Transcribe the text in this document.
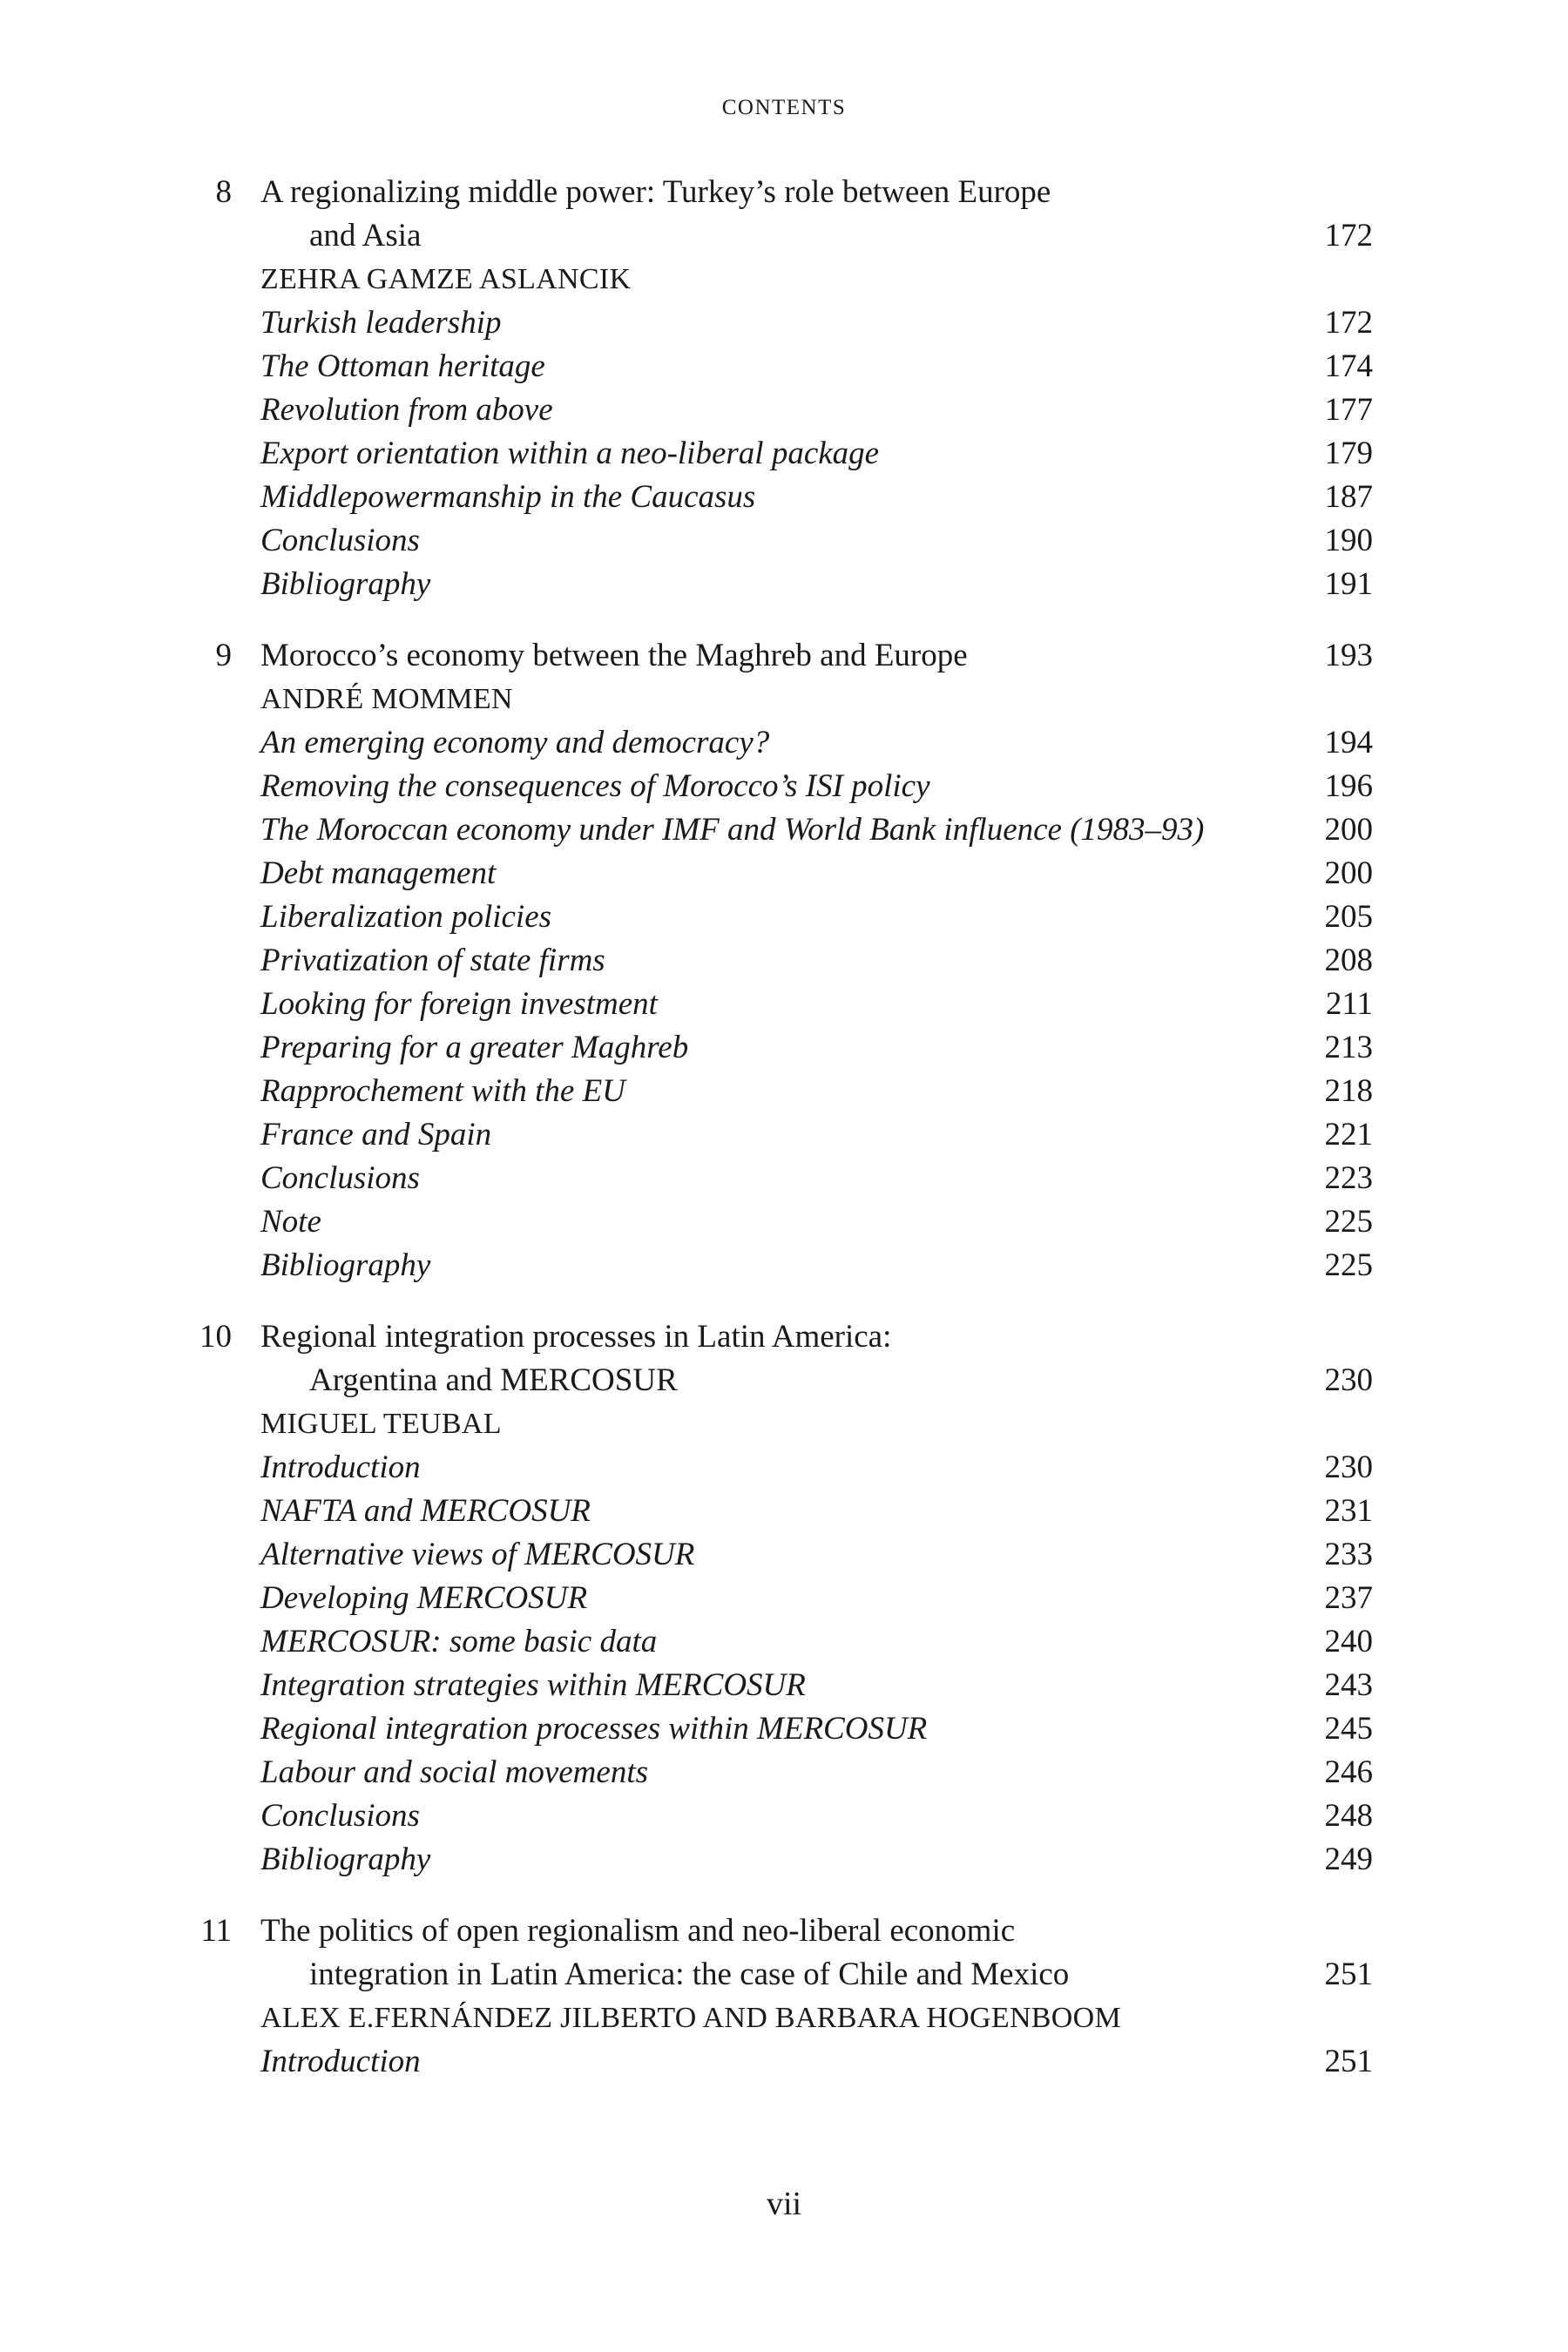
CONTENTS
8 A regionalizing middle power: Turkey’s role between Europe
and Asia	172
ZEHRA GAMZE ASLANCIK
Turkish leadership	172
The Ottoman heritage	174
Revolution from above	177
Export orientation within a neo-liberal package	179
Middlepowermanship in the Caucasus	187
Conclusions	190
Bibliography	191
9 Morocco’s economy between the Maghreb and Europe	193
ANDRÉ MOMMEN
An emerging economy and democracy?	194
Removing the consequences of Morocco’s ISI policy	196
The Moroccan economy under IMF and World Bank influence (1983–93)	200
Debt management	200
Liberalization policies	205
Privatization of state firms	208
Looking for foreign investment	211
Preparing for a greater Maghreb	213
Rapprochement with the EU	218
France and Spain	221
Conclusions	223
Note	225
Bibliography	225
10 Regional integration processes in Latin America:
Argentina and MERCOSUR	230
MIGUEL TEUBAL
Introduction	230
NAFTA and MERCOSUR	231
Alternative views of MERCOSUR	233
Developing MERCOSUR	237
MERCOSUR: some basic data	240
Integration strategies within MERCOSUR	243
Regional integration processes within MERCOSUR	245
Labour and social movements	246
Conclusions	248
Bibliography	249
11 The politics of open regionalism and neo-liberal economic
integration in Latin America: the case of Chile and Mexico	251
ALEX E.FERNÁNDEZ JILBERTO AND BARBARA HOGENBOOM
Introduction	251
vii
